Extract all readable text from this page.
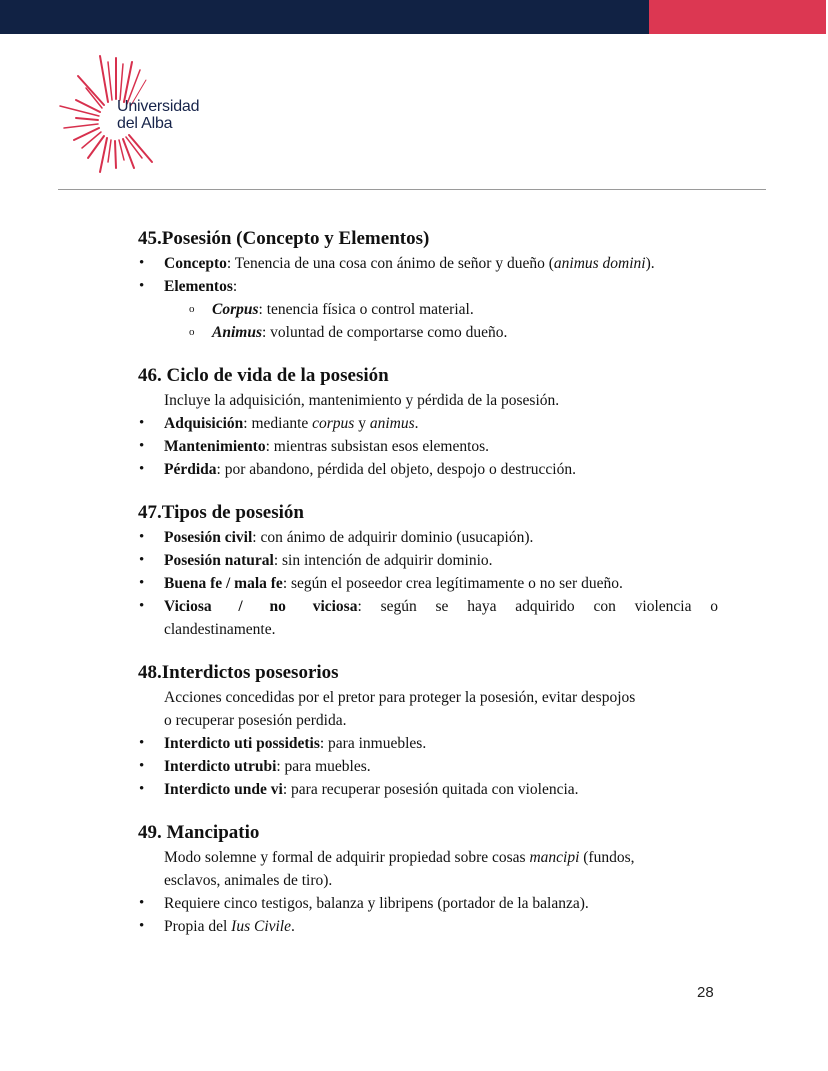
Universidad
del Alba
45.Posesión (Concepto y Elementos)
• Concepto: Tenencia de una cosa con ánimo de señor y dueño (animus domini).
• Elementos:
o Corpus: tenencia física o control material.
o Animus: voluntad de comportarse como dueño.
46. Ciclo de vida de la posesión
Incluye la adquisición, mantenimiento y pérdida de la posesión.
• Adquisición: mediante corpus y animus.
• Mantenimiento: mientras subsistan esos elementos.
• Pérdida: por abandono, pérdida del objeto, despojo o destrucción.
47.Tipos de posesión
• Posesión civil: con ánimo de adquirir dominio (usucapión).
• Posesión natural: sin intención de adquirir dominio.
• Buena fe / mala fe: según el poseedor crea legítimamente o no ser dueño.
• Viciosa / no viciosa: según se haya adquirido con violencia o
clandestinamente.
48.Interdictos posesorios
Acciones concedidas por el pretor para proteger la posesión, evitar despojos
o recuperar posesión perdida.
• Interdicto uti possidetis: para inmuebles.
• Interdicto utrubi: para muebles.
• Interdicto unde vi: para recuperar posesión quitada con violencia.
49. Mancipatio
Modo solemne y formal de adquirir propiedad sobre cosas mancipi (fundos,
esclavos, animales de tiro).
• Requiere cinco testigos, balanza y libripens (portador de la balanza).
• Propia del Ius Civile.
28
